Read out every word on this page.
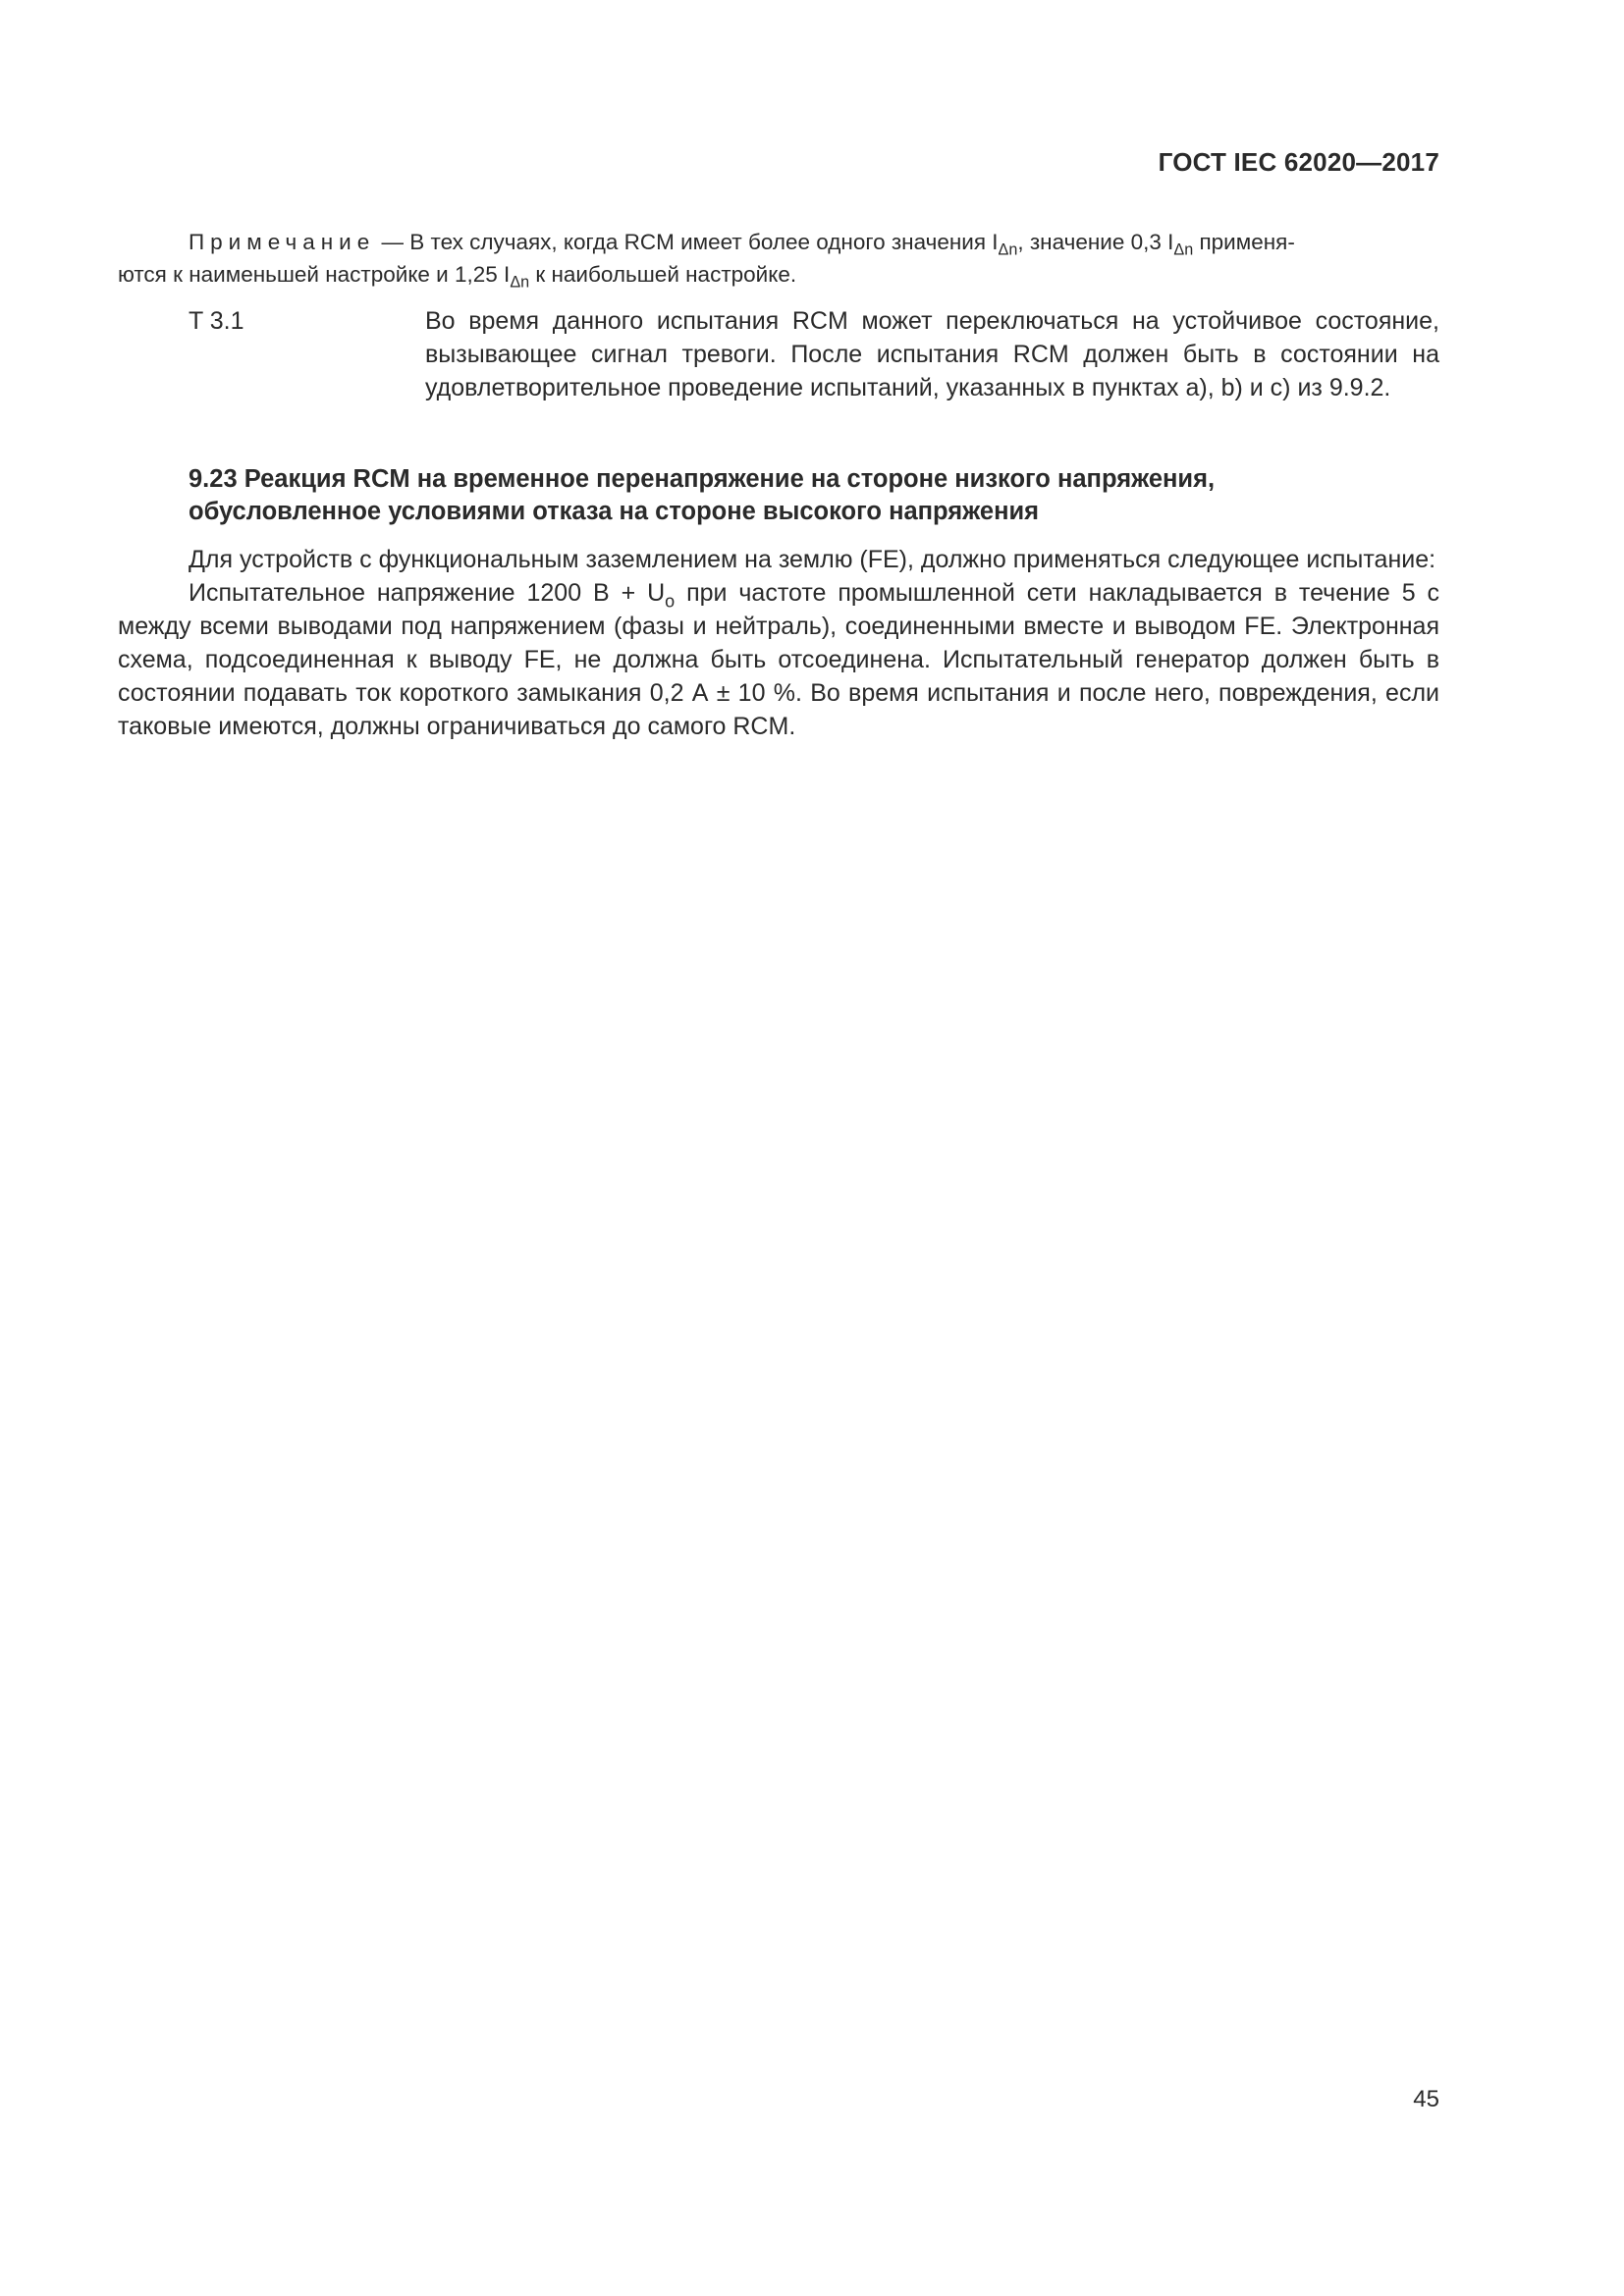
ГОСТ IEC 62020—2017

Примечание — В тех случаях, когда RCM имеет более одного значения $I_{\Delta n}$, значение 0,3 $I_{\Delta n}$ применя-

ются к наименьшей настройке и 1,25 $I_{\Delta n}$ к наибольшей настройке.

T 3.1	Во время данного испытания RCM может переключаться на устойчивое состояние, вызывающее сигнал тревоги. После испытания RCM должен быть в состоянии на удовлетворительное проведение испытаний, указанных в пунктах a), b) и c) из 9.9.2.
9.23 Реакция RCM на временное перенапряжение на стороне низкого напряжения,
обусловленное условиями отказа на стороне высокого напряжения

Для устройств с функциональным заземлением на землю (FE), должно применяться следующее испытание:

Испытательное напряжение 1200 $В + U_o$ при частоте промышленной сети накладывается в течение 5 с между всеми выводами под напряжением (фазы и нейтраль), соединенными вместе и выводом FE. Электронная схема, подсоединенная к выводу FE, не должна быть отсоединена. Испытательный генератор должен быть в состоянии подавать ток короткого замыкания 0,2 А ± 10 %. Во время испытания и после него, повреждения, если таковые имеются, должны ограничиваться до самого RCM.

45
